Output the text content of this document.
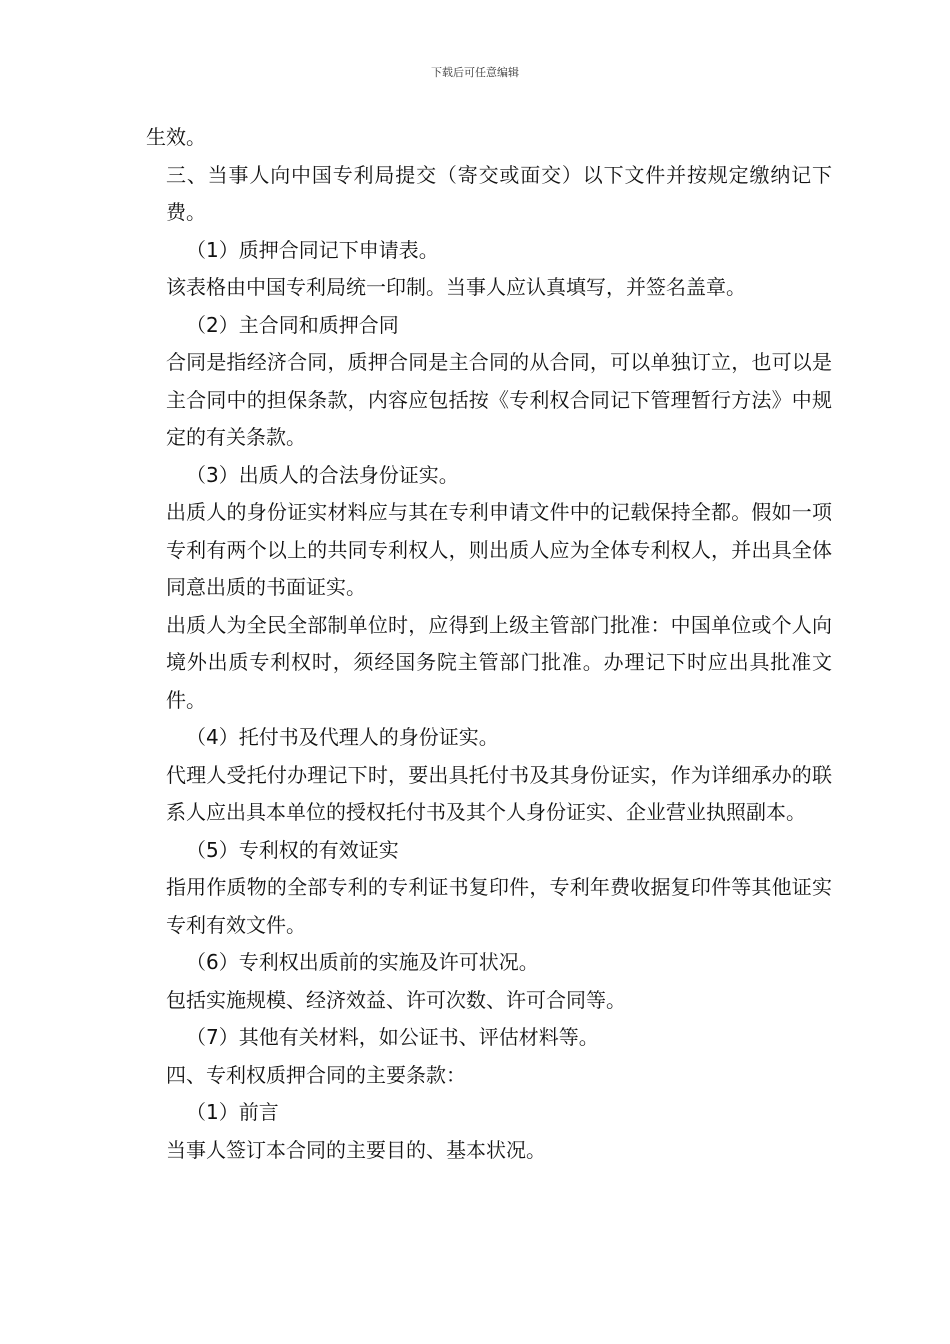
下载后可任意编辑

生效。

三、当事人向中国专利局提交（寄交或面交）以下文件并按规定缴纳记下费。

（1）质押合同记下申请表。

该表格由中国专利局统一印制。当事人应认真填写，并签名盖章。

（2）主合同和质押合同

合同是指经济合同，质押合同是主合同的从合同，可以单独订立，也可以是主合同中的担保条款，内容应包括按《专利权合同记下管理暂行方法》中规定的有关条款。

（3）出质人的合法身份证实。

出质人的身份证实材料应与其在专利申请文件中的记载保持全都。假如一项专利有两个以上的共同专利权人，则出质人应为全体专利权人，并出具全体同意出质的书面证实。

出质人为全民全部制单位时，应得到上级主管部门批准：中国单位或个人向境外出质专利权时，须经国务院主管部门批准。办理记下时应出具批准文件。

（4）托付书及代理人的身份证实。

代理人受托付办理记下时，要出具托付书及其身份证实，作为详细承办的联系人应出具本单位的授权托付书及其个人身份证实、企业营业执照副本。

（5）专利权的有效证实

指用作质物的全部专利的专利证书复印件，专利年费收据复印件等其他证实专利有效文件。

（6）专利权出质前的实施及许可状况。

包括实施规模、经济效益、许可次数、许可合同等。

（7）其他有关材料，如公证书、评估材料等。

四、专利权质押合同的主要条款：

（1）前言

当事人签订本合同的主要目的、基本状况。
